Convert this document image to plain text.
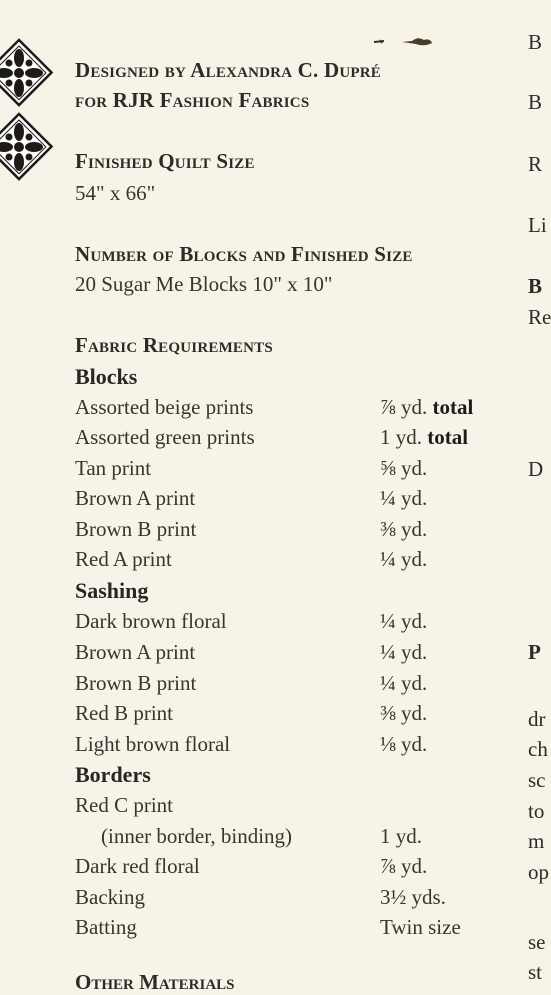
Designed by Alexandra C. Dupré
for RJR Fashion Fabrics
Finished Quilt Size
54" x 66"
Number of Blocks and Finished Size
20 Sugar Me Blocks 10" x 10"
Fabric Requirements
Blocks
Assorted beige prints	⅞ yd. total
Assorted green prints	1 yd. total
Tan print	⅝ yd.
Brown A print	¼ yd.
Brown B print	⅜ yd.
Red A print	¼ yd.
Sashing
Dark brown floral	¼ yd.
Brown A print	¼ yd.
Brown B print	¼ yd.
Red B print	⅜ yd.
Light brown floral	⅛ yd.
Borders
Red C print
(inner border, binding)	1 yd.
Dark red floral	⅞ yd.
Backing	3½ yds.
Batting	Twin size
Other Materials
B
B
R
Li
B
Re
D
P
dr
ch
sc
to
m
op
se
st
